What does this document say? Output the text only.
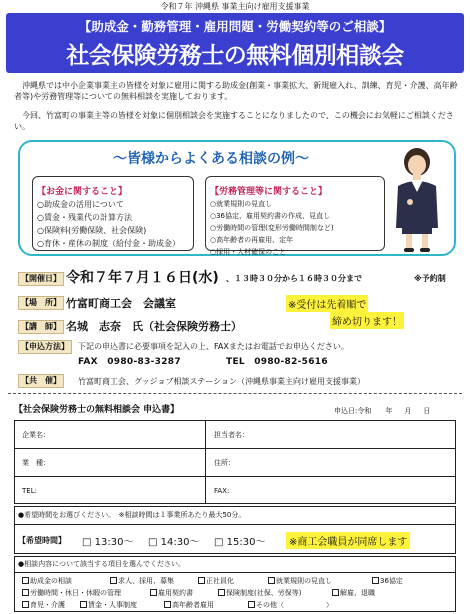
令和７年 沖縄県 事業主向け雇用支援事業
【助成金・勤務管理・雇用問題・労働契約等のご相談】
社会保険労務士の無料個別相談会
沖縄県では中小企業事業主の皆様を対象に雇用に関する助成金(創業・事業拡大、新規雇入れ、訓練、育児・介護、高年齢者等)や労務管理等についての無料相談を実施しております。
今回、竹富町の事業主等の皆様を対象に個別相談会を実施することになりましたので、この機会にお気軽にご相談ください。
～皆様からよくある相談の例～
【お金に関すること】
○助成金の活用について
○賃金・残業代の計算方法
○保険料(労働保険、社会保険)
○育休・産休の制度（給付金・助成金）
【労務管理等に関すること】
○就業規則の見直し
○36協定、雇用契約書の作成、見直し
○労働時間の管理(変形労働時間制など)
○高年齢者の再雇用、定年
○採用・人材確保のこと
【開催日】 令和７年７月１６日(水) 、１３時３０分から１６時３０分まで	※予約制
【場　所】 竹富町商工会　会議室	※受付は先着順で
締め切ります！
【講　師】 名城　志奈　氏（社会保険労務士）
【申込方法】	下記の申込書に必要事項を記入の上、FAXまたはお電話でお申込ください。
FAX　0980-83-3287	TEL　0980-82-5616
【共　催】	竹富町商工会、グッジョブ相談ステーション（沖縄県事業主向け雇用支援事業）
【社会保険労務士の無料相談会 申込書】	申込日:令和 年 月 日
企業名：	担当者名：
業　種：	住所：
TEL:	FAX:
●希望時間をお選びください。　※相談時間は１事業所あたり最大50分。
【希望時間】 □ 13:30～ □ 14:30～ □ 15:30～	※商工会職員が同席します
●相談内容について該当する項目を選んでください。
助成金の相談	求人、採用、募集	正社員化	就業規則の見直し	36協定
労働時間・休日・休暇の管理	雇用契約書	保険制度(社保、労保等)	解雇、退職
育児・介護	賃金・人事制度	高年齢者雇用	その他（　　　　　　）
